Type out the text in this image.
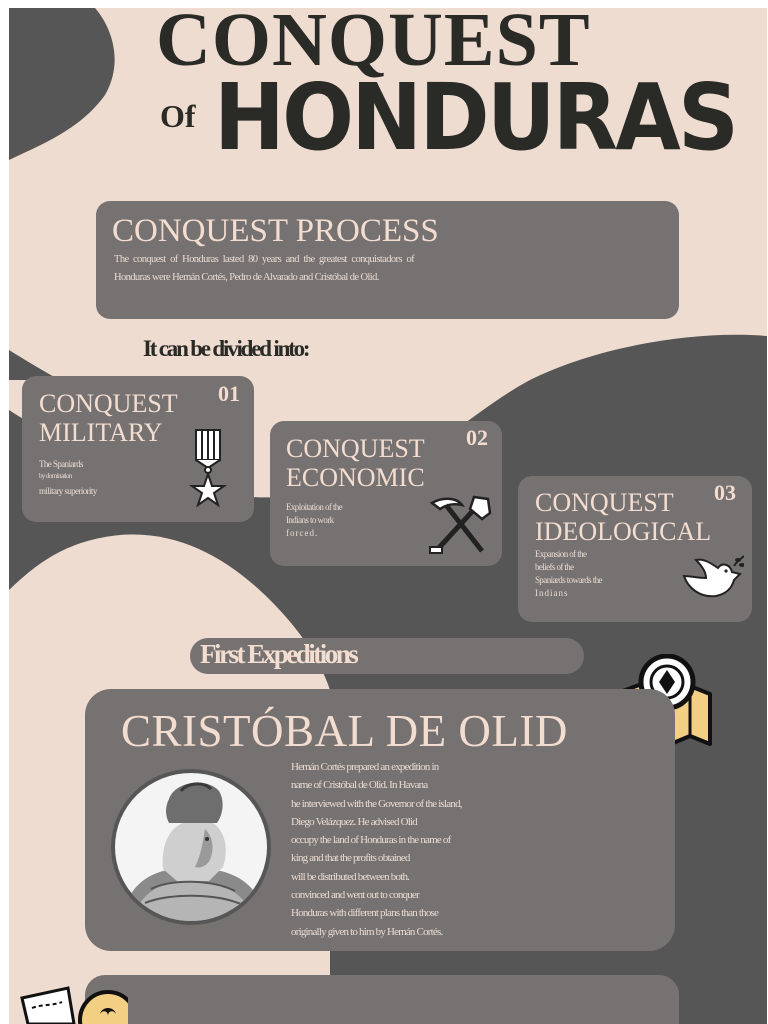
CONQUEST
Of HONDURAS
CONQUEST PROCESS
The conquest of Honduras lasted 80 years and the greatest conquistadors of Honduras were Hernán Cortés, Pedro de Alvarado and Cristóbal de Olid.
It can be divided into:
CONQUEST
MILITARY
01
The Spaniards
by domination
military superiority
CONQUEST
ECONOMIC
02
Exploitation of the
Indians to work
forced.
CONQUEST
IDEOLOGICAL
03
Expansion of the
beliefs of the
Spaniards towards the
Indians
First Expeditions
CRISTÓBAL DE OLID
Hernán Cortés prepared an expedition in
name of Cristóbal de Olid. In Havana
he interviewed with the Governor of the island,
Diego Velázquez. He advised Olid
occupy the land of Honduras in the name of
king and that the profits obtained
will be distributed between both.
convinced and went out to conquer
Honduras with different plans than those
originally given to him by Hernán Cortés.
